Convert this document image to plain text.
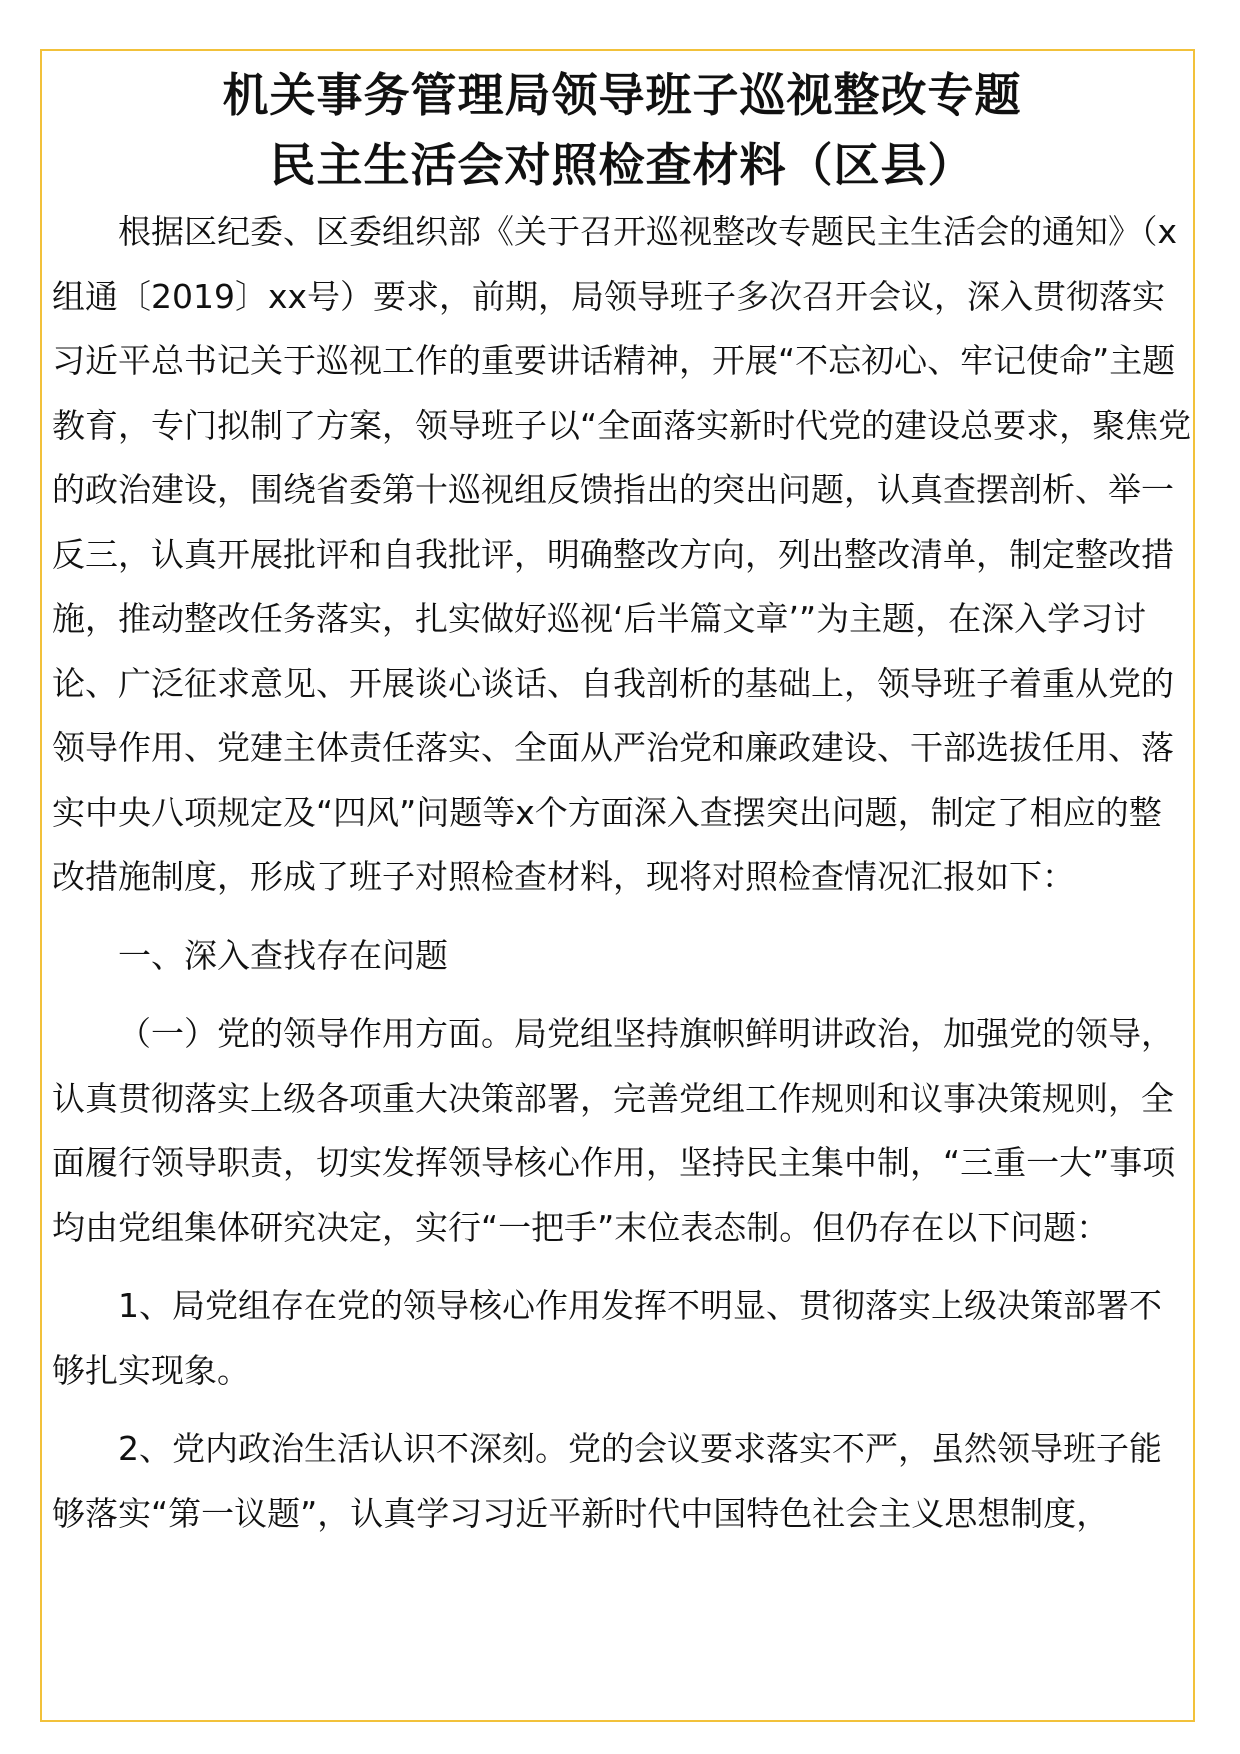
机关事务管理局领导班子巡视整改专题
民主生活会对照检查材料（区县）

根据区纪委、区委组织部《关于召开巡视整改专题民主生活会的通知》（x组通〔2019〕xx号）要求，前期，局领导班子多次召开会议，深入贯彻落实习近平总书记关于巡视工作的重要讲话精神，开展“不忘初心、牢记使命”主题教育，专门拟制了方案，领导班子以“全面落实新时代党的建设总要求，聚焦党的政治建设，围绕省委第十巡视组反馈指出的突出问题，认真查摆剖析、举一反三，认真开展批评和自我批评，明确整改方向，列出整改清单，制定整改措施，推动整改任务落实，扎实做好巡视‘后半篇文章’”为主题，在深入学习讨论、广泛征求意见、开展谈心谈话、自我剖析的基础上，领导班子着重从党的领导作用、党建主体责任落实、全面从严治党和廉政建设、干部选拔任用、落实中央八项规定及“四风”问题等x个方面深入查摆突出问题，制定了相应的整改措施制度，形成了班子对照检查材料，现将对照检查情况汇报如下：

一、深入查找存在问题

（一）党的领导作用方面。局党组坚持旗帜鲜明讲政治，加强党的领导，认真贯彻落实上级各项重大决策部署，完善党组工作规则和议事决策规则，全面履行领导职责，切实发挥领导核心作用，坚持民主集中制，“三重一大”事项均由党组集体研究决定，实行“一把手”末位表态制。但仍存在以下问题：

1、局党组存在党的领导核心作用发挥不明显、贯彻落实上级决策部署不够扎实现象。

2、党内政治生活认识不深刻。党的会议要求落实不严，虽然领导班子能够落实“第一议题”，认真学习习近平新时代中国特色社会主义思想制度，
